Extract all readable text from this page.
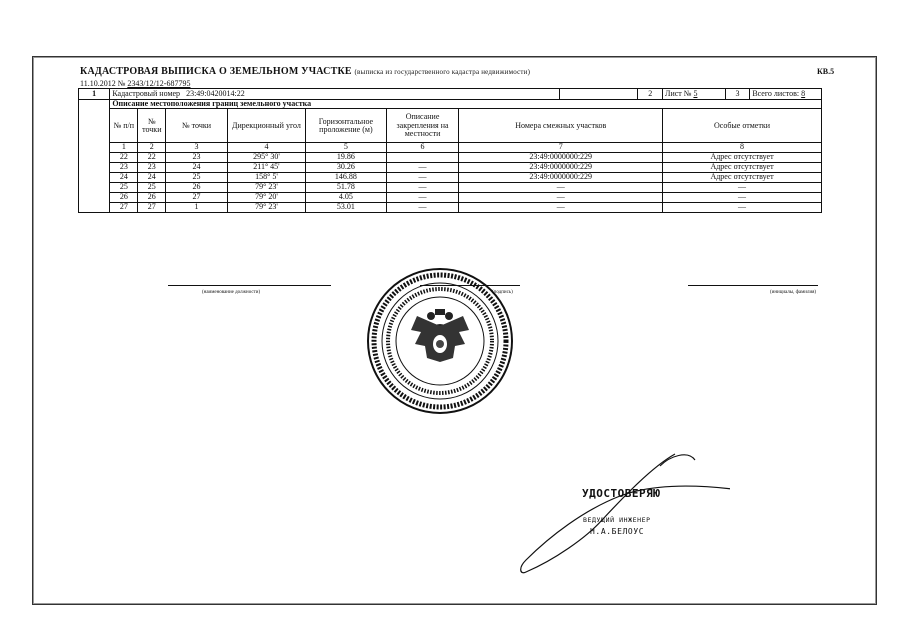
КАДАСТРОВАЯ ВЫПИСКА О ЗЕМЕЛЬНОМ УЧАСТКЕ (выписка из государственного кадастра недвижимости)	КВ.5
11.10.2012 № 2343/12/12-687795
1	Кадастровый номер 23:49:0420014:22								2	Лист № 5	3	Всего листов: 8
	Описание местоположения границ земельного участка											
	№ п/п	№ точки	№ точки	Дирекционный угол	Горизонтальное проложение (м)	Описание закрепления на местности	Номера смежных участков			Особые отметки		
	1	2	3	4	5	6	7			8		
	22	22	23	295° 30'	19.86		23:49:0000000:229			Адрес отсутствует		
	23	23	24	211° 45'	30.26	—	23:49:0000000:229			Адрес отсутствует		
	24	24	25	158° 5'	146.88	—	23:49:0000000:229			Адрес отсутствует		
	25	25	26	79° 23'	51.78	—	—			—		
	26	26	27	79° 20'	4.05	—	—			—		
	27	27	1	79° 23'	53.01	—	—			—		
(наименование должности)	(подпись)	(инициалы, фамилия)
УДОСТОВЕРЯЮ
ВЕДУЩИЙ ИНЖЕНЕР
Н.А.БЕЛОУС
